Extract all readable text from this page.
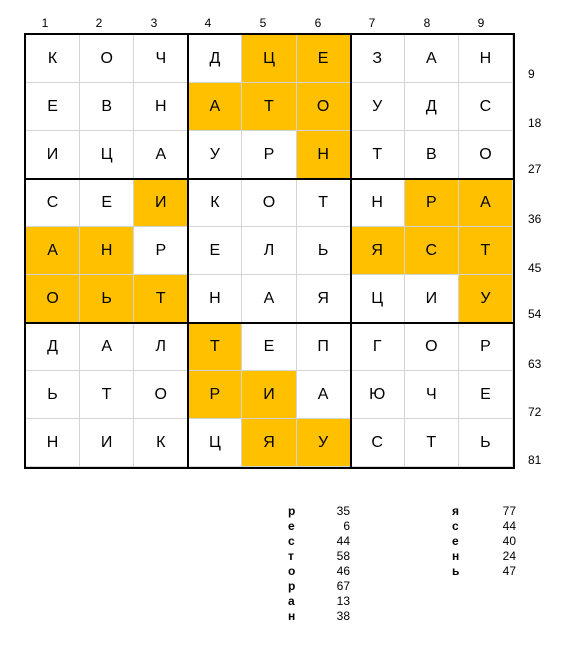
1	2	3	4	5	6	7	8	9
9
18
27
36
45
54
63
72
81
К	О	Ч	Д	Ц	Е	З	А	Н
Е	В	Н	А	Т	О	У	Д	С
И	Ц	А	У	Р	Н	Т	В	О
С	Е	И	К	О	Т	Н	Р	А
А	Н	Р	Е	Л	Ь	Я	С	Т
О	Ь	Т	Н	А	Я	Ц	И	У
Д	А	Л	Т	Е	П	Г	О	Р
Ь	Т	О	Р	И	А	Ю	Ч	Е
Н	И	К	Ц	Я	У	С	Т	Ь
р	35
е	6
с	44
т	58
о	46
р	67
а	13
н	38
я	77
с	44
е	40
н	24
ь	47
